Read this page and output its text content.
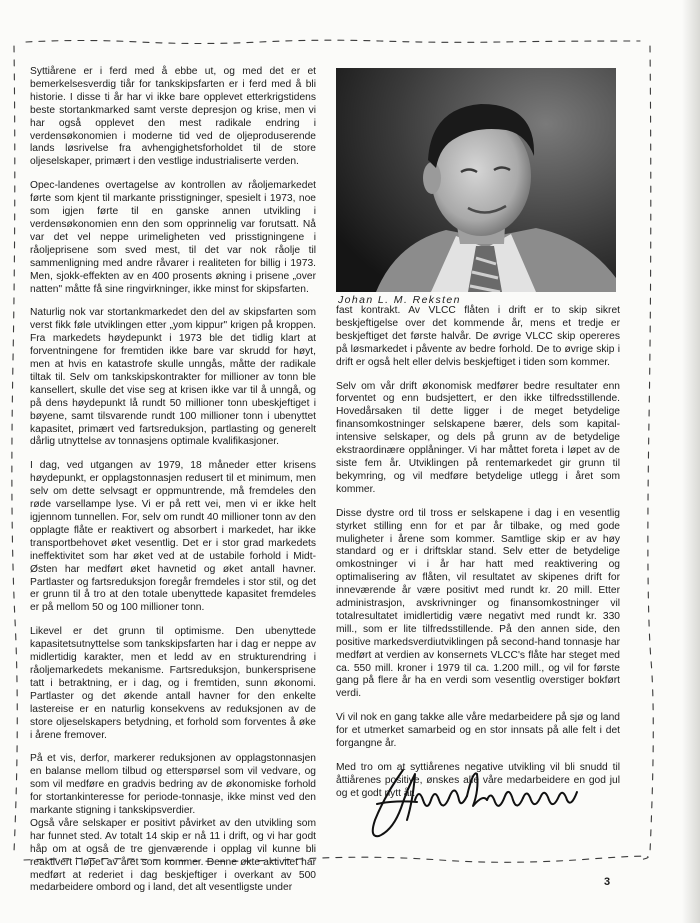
Syttiårene er i ferd med å ebbe ut, og med det er et bemerkelsesverdig tiår for tankskipsfarten er i ferd med å bli historie. I disse ti år har vi ikke bare opplevet etterkrigstidens beste stortankmarked samt verste depresjon og krise, men vi har også opplevet den mest radikale endring i verdensøkonomien i moderne tid ved de oljeproduserende lands løsrivelse fra avhengighetsforholdet til de store oljeselskaper, primært i den vestlige industrialiserte verden.

Opec-landenes overtagelse av kontrollen av råoljemarkedet førte som kjent til markante prisstigninger, spesielt i 1973, noe som igjen førte til en ganske annen utvikling i verdensøkonomien enn den som opprinnelig var forutsatt. Nå var det vel neppe urimeligheten ved prisstigningene i råoljeprisene som sved mest, til det var nok råolje til sammenligning med andre råvarer i realiteten for billig i 1973. Men, sjokk-effekten av en 400 prosents økning i prisene „over natten" måtte få sine ringvirkninger, ikke minst for skipsfarten.

Naturlig nok var stortankmarkedet den del av skipsfarten som verst fikk føle utviklingen etter „yom kippur" krigen på kroppen. Fra markedets høydepunkt i 1973 ble det tidlig klart at forventningene for fremtiden ikke bare var skrudd for høyt, men at hvis en katastrofe skulle unngås, måtte der radikale tiltak til. Selv om tankskipskontrakter for millioner av tonn ble kansellert, skulle det vise seg at krisen ikke var til å unngå, og på dens høydepunkt lå rundt 50 millioner tonn ubeskjeftiget i bøyene, samt tilsvarende rundt 100 millioner tonn i ubenyttet kapasitet, primært ved fartsreduksjon, partlasting og generelt dårlig utnyttelse av tonnasjens optimale kvalifikasjoner.

I dag, ved utgangen av 1979, 18 måneder etter krisens høydepunkt, er opplagstonnasjen redusert til et minimum, men selv om dette selvsagt er oppmuntrende, må fremdeles den røde varsellampe lyse. Vi er på rett vei, men vi er ikke helt igjennom tunnellen. For, selv om rundt 40 millioner tonn av den opplagte flåte er reaktivert og absorbert i markedet, har ikke transportbehovet øket vesentlig. Det er i stor grad markedets ineffektivitet som har øket ved at de ustabile forhold i Midt-Østen har medført øket havnetid og øket antall havner. Partlaster og fartsreduksjon foregår fremdeles i stor stil, og det er grunn til å tro at den totale ubenyttede kapasitet fremdeles er på mellom 50 og 100 millioner tonn.

Likevel er det grunn til optimisme. Den ubenyttede kapasitetsutnyttelse som tankskipsfarten har i dag er neppe av midlertidig karakter, men et ledd av en strukturendring i råoljemarkedets mekanisme. Fartsreduksjon, bunkersprisene tatt i betraktning, er i dag, og i fremtiden, sunn økonomi. Partlaster og det økende antall havner for den enkelte lastereise er en naturlig konsekvens av reduksjonen av de store oljeselskapers betydning, et forhold som forventes å øke i årene fremover.

På et vis, derfor, markerer reduksjonen av opplagstonnasjen en balanse mellom tilbud og etterspørsel som vil vedvare, og som vil medføre en gradvis bedring av de økonomiske forhold for stortankinteresse for periode-tonnasje, ikke minst ved den markante stigning i tankskipsverdier.

Også våre selskaper er positivt påvirket av den utvikling som har funnet sted. Av totalt 14 skip er nå 11 i drift, og vi har godt håp om at også de tre gjenværende i opplag vil kunne bli reaktivert i løpet av året som kommer. Denne økte aktivitet har medført at rederiet i dag beskjeftiger i overkant av 500 medarbeidere ombord og i land, det alt vesentligste under

Johan L. M. Reksten

fast kontrakt. Av VLCC flåten i drift er to skip sikret beskjeftigelse over det kommende år, mens et tredje er beskjeftiget det første halvår. De øvrige VLCC skip opereres på løsmarkedet i påvente av bedre forhold. De to øvrige skip i drift er også helt eller delvis beskjeftiget i tiden som kommer.

Selv om vår drift økonomisk medfører bedre resultater enn forventet og enn budsjettert, er den ikke tilfredsstillende. Hovedårsaken til dette ligger i de meget betydelige finansomkostninger selskapene bærer, dels som kapital-intensive selskaper, og dels på grunn av de betydelige ekstraordinære opplåninger. Vi har måttet foreta i løpet av de siste fem år. Utviklingen på rentemarkedet gir grunn til bekymring, og vil medføre betydelige utlegg i året som kommer.

Disse dystre ord til tross er selskapene i dag i en vesentlig styrket stilling enn for et par år tilbake, og med gode muligheter i årene som kommer. Samtlige skip er av høy standard og er i driftsklar stand. Selv etter de betydelige omkostninger vi i år har hatt med reaktivering og optimalisering av flåten, vil resultatet av skipenes drift for inneværende år være positivt med rundt kr. 20 mill. Etter administrasjon, avskrivninger og finansomkostninger vil totalresultatet imidlertidig være negativt med rundt kr. 330 mill., som er lite tilfredsstillende. På den annen side, den positive markedsverdiutviklingen på second-hand tonnasje har medført at verdien av konsernets VLCC's flåte har steget med ca. 550 mill. kroner i 1979 til ca. 1.200 mill., og vil for første gang på flere år ha en verdi som vesentlig overstiger bokført verdi.

Vi vil nok en gang takke alle våre medarbeidere på sjø og land for et utmerket samarbeid og en stor innsats på alle felt i det forgangne år.

Med tro om at syttiårenes negative utvikling vil bli snudd til åttiårenes positive, ønskes alle våre medarbeidere en god jul og et godt nytt år.

3
